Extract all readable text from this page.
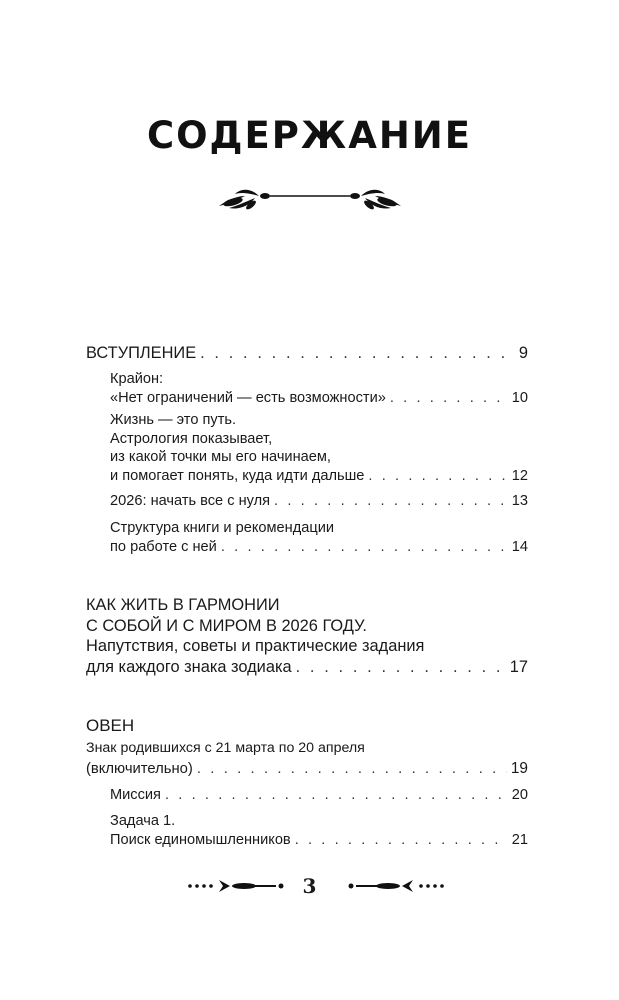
СОДЕРЖАНИЕ
ВСТУПЛЕНИЕ . . .	9
Крайон:
«Нет ограничений — есть возможности» . . .	10
Жизнь — это путь.
Астрология показывает,
из какой точки мы его начинаем,
и помогает понять, куда идти дальше . . .	12
2026: начать все с нуля . . .	13
Структура книги и рекомендации
по работе с ней . . .	14
КАК ЖИТЬ В ГАРМОНИИ
С СОБОЙ И С МИРОМ В 2026 ГОДУ.
Напутствия, советы и практические задания
для каждого знака зодиака . . .	17
ОВЕН
Знак родившихся с 21 марта по 20 апреля
(включительно) . . .	19
Миссия . . .	20
Задача 1.
Поиск единомышленников . . .	21
3
